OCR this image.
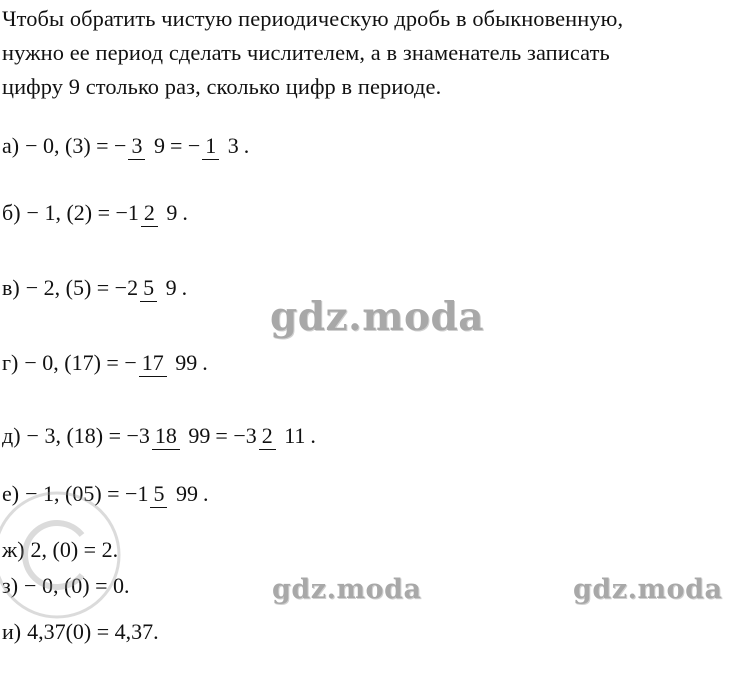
Чтобы обратить чистую периодическую дробь в обыкновенную,
нужно ее период сделать числителем, а в знаменатель записать
цифру 9 столько раз, сколько цифр в периоде.
а) − 0, (3) = − 3 9 = − 1 3 .
б) − 1, (2) = −1 2 9 .
в) − 2, (5) = −2 5 9 .
г) − 0, (17) = − 17 99 .
д) − 3, (18) = −3 18 99 = −3 2 11 .
е) − 1, (05) = −1 5 99 .
ж) 2, (0) = 2.
з) − 0, (0) = 0.
и) 4,37(0) = 4,37.
gdz.moda
gdz.moda	gdz.moda
